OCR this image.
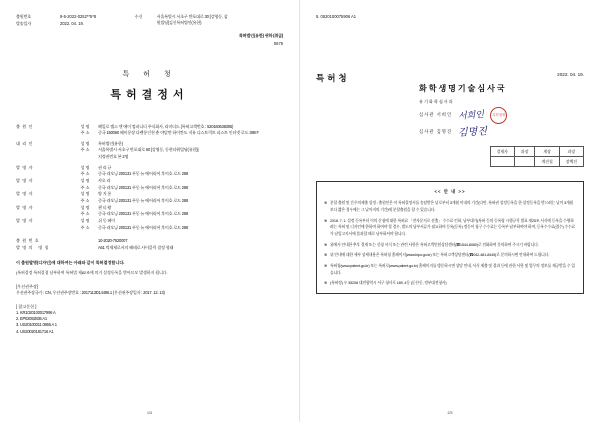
출원번호	9-5-2022-0252**5*8
발송일자	2022. 04. 19.
수신	서울특별시 서초구 반포대로 30 [강영동, 삼
원빌딩]김신특허법인(유한)
특허법인(유한) 귀하 (취급)
0675
특 허 청
특허결정서
출원인	성 명	헤일로 랩스 앤 에이 컴퍼니티 주식회사, 리미티드 (특허고객번호 : 520160638305)
주 소	중국 150060 헤이룽장 다롄룽인천 춘 야달반 하이칸도 지유 디스트릭트 피스트 인터넷 로드 388 F
대리인	성 명	특허법인(유한)
주 소	서울특별시 서초구 반포대로 60 [강영동, 동현타워빌딩(유한)]
지정권번호 본 2명
발명자	성 명	권 리 규
주 소	중국 랴오닝 200131 푸동 뉴 에어리어 후이호 로드 288
발명자	성 명	샤오 리
주 소	중국 랴오닝 200131 푸동 뉴 에어리어 후이호 로드 288
발명자	성 명	양 지 롱
주 소	중국 랴오닝 200131 푸동 뉴 에어리어 후이호 로드 288
발명자	성 명	첸 티 왕
주 소	중국 랴오닝 200131 푸동 뉴 에어리어 후이호 로드 288
발명자	성 명	쉬 동 페이
주 소	중국 랴오닝 200131 푸동 뉴 에어리어 후이호 로드 288
출원번호	10-2020-7520007
발명의 명칭	A61 억제제로서의 헤테로 사이클릭 결정 형태
이 출원발명(디자인)에 대하여는 아래와 같이 특허결정합니다.
(특허결정 특허결졍 남부하여 특허법 제82조에 의거 설정등록을 받아므모 발생하지 됩니다.
[우선권주장]
우선권주장국가 : CN, 우선권주장번호 : 2017113D14486.1 (우선권주장일자 : 2017. 12. 13)
[ 참고문헌 ]
1. KR1020100017996 A
2. EP02092836 A1
3. US20100011 0866 A 1
4. US20020181716 A1
1/3
5. 0520100075906 A1
특허청	2022. 04. 19.
화학생명기술심사국
유기화학심사과
심사관 서희인 서희인	특허청장
심사관 김명진 김명진
결재자	과장	계장	과장
		계진철	장백진
<< 안 내 >>
※ 분할 출원 및 간주의제출 설정 : 출원인은 이 특허결정서를 송달받은 날로부터 3개월 이내의 기간(다만, 특허권 설정등록을 한 설정등록을 받으려는 날이 3개월보다 짧은 경우에는 그 날까지의 기간)에 분할출원을 할 수 있습니다.
※ 2018. 7. 1. 설정 등록부터 이의 신청에 대한 특허료 「전자문서로 선출」 수수료 인하, 남부대가(특허 등의 등록령 시행규칙 별표 제25조 서식에 등록을 수행하려는 특허 및 디자인에 한하여 하여야 할 경우, 별도의 납부서류가 필요하며 등록(등록) 정등이 청구 수수료는 등록부 납부하여야 하며, 등록수수료(접수) 수수료가 남입고지서에 불과할 때로 남부하셔야 합니다.
※ 위에서 안내한 추후 결재 또는 신청 서식 또는 관련 사항은 특허고객민원상담센터(☎1544-8080)로 전화하여 문의하여 주시기 바랍니다.
※ 위 안내에 대한 세부 상세내용은 특허청 홈페이지(www.kipo.go.kr) 또는 특허고객상담센터(☎042-481-8445)로 문의하시면 안내하여 드립니다.
※ 특허청(www.patent.go.kr) 또는 특허로(www.patent.go.kr) 홈페이지를 방문하시면 상담 안내, 서식 제출 및 결과 등에 관한 사항 및 업무의 정보를 제공받을 수 있습니다.
※ (특허정) 우 35208 대전광역시 서구 청사로 189, 4동 (둔산동, 정부대전청사)
2/3
